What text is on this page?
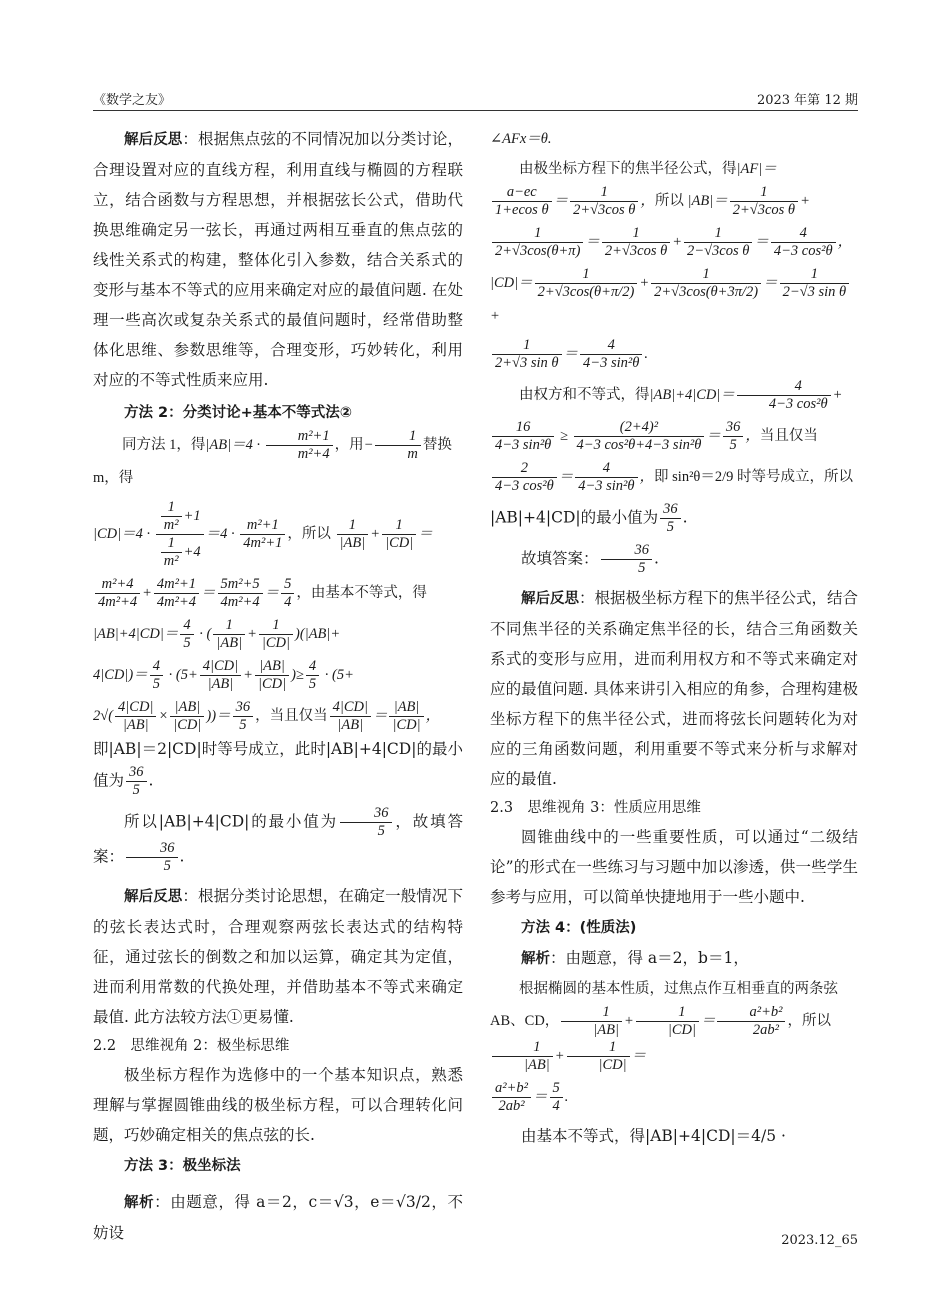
《数学之友》	2023 年第 12 期

解后反思：根据焦点弦的不同情况加以分类讨论，合理设置对应的直线方程，利用直线与椭圆的方程联立，结合函数与方程思想，并根据弦长公式，借助代换思维确定另一弦长，再通过两相互垂直的焦点弦的线性关系式的构建，整体化引入参数，结合关系式的变形与基本不等式的应用来确定对应的最值问题. 在处理一些高次或复杂关系式的最值问题时，经常借助整体化思维、参数思维等，合理变形，巧妙转化，利用对应的不等式性质来应用.

方法 2：分类讨论+基本不等式法②

同方法 1，得$|AB|=4 \cdot \frac{\text{m²+1}}{\text{m²+4}}$ ，用− $\frac{1}{m}$ 替换 m，得

$|CD|=4 \cdot \frac{\frac{1}{\text{m²}} +1}{\frac{1}{\text{m²}} +4} =4 \cdot \frac{\text{m²+1}}{\text{4m²+1}}$ ，所以 $\frac{1}{|AB|} + \frac{1}{|CD|}$ ＝

$\frac{\text{m²+4}}{\text{4m²+4}} + \frac{\text{4m²+1}}{\text{4m²+4}} = \frac{\text{5m²+5}}{\text{4m²+4}} = \frac{5}{4}$ ，由基本不等式，得

$|AB|+4|CD|= \frac{4}{5}$ · ( $\frac{1}{|AB|} + \frac{1}{|CD|} )(|AB|+$

$4|CD|)= \frac{4}{5} \cdot (5+ \frac{4|CD|}{|AB|} + \frac{|AB|}{|CD|}$ )≥ $\frac{4}{5} \cdot (5+$

$2√( \frac{4|CD|}{|AB|} \times \frac{|AB|}{|CD|}$ ))＝ $\frac{36}{5}$ ，当且仅当 $\frac{4|CD|}{|AB|} = \frac{|AB|}{|CD|}$ ，

即|AB|＝2|CD|时等号成立，此时|AB|+4|CD|的最小值为 $\frac{36}{5}$ .

所以|AB|+4|CD|的最小值为 $\frac{36}{5}$ ，故填答案： $\frac{36}{5}$ .

解后反思：根据分类讨论思想，在确定一般情况下的弦长表达式时，合理观察两弦长表达式的结构特征，通过弦长的倒数之和加以运算，确定其为定值，进而利用常数的代换处理，并借助基本不等式来确定最值. 此方法较方法①更易懂.

2.2　思维视角 2：极坐标思维

极坐标方程作为选修中的一个基本知识点，熟悉理解与掌握圆锥曲线的极坐标方程，可以合理转化问题，巧妙确定相关的焦点弦的长.

方法 3：极坐标法

解析：由题意，得 a＝2，c＝√3，e＝√3/2，不妨设

∠AFx＝θ.

由极坐标方程下的焦半径公式，得|AF|＝

$\frac{a-ec}{\text{1+ecos θ}} = \frac{1}{\text{2+√3cos θ}}$ ，所以 $|AB|= \frac{1}{\text{2+√3cos θ}}$ +

$\frac{1}{2+√3\cos(\theta+\pi)} = \frac{1}{\text{2+√3cos θ}} + \frac{1}{\text{2−√3cos θ}} = \frac{4}{\text{4−3 cos²θ}}$ ，

$|CD|= \frac{1}{2+√3\cos(\theta+\pi/2)} + \frac{1}{2+√3\cos(\theta+3\pi/2)} = \frac{1}{\text{2−√3 sin θ}}$
+

$\frac{1}{\text{2+√3 sin θ}} = \frac{4}{\text{4−3 sin²θ}}$ .

由权方和不等式，得$|AB|+4|CD|= \frac{4}{\text{4−3 cos²θ}}$ +

$\frac{16}{\text{4−3 sin²θ}} \ge \frac{\text{(2+4)²}}{\text{4−3 cos²θ+4−3 sin²θ}} = \frac{36}{5}$ ，当且仅当

$\frac{2}{\text{4−3 cos²θ}} = \frac{4}{\text{4−3 sin²θ}}$ ，即 sin²θ＝2/9 时等号成立，所以

|AB|+4|CD|的最小值为 $\frac{36}{5}$ .

故填答案： $\frac{36}{5}$ .

解后反思：根据极坐标方程下的焦半径公式，结合不同焦半径的关系确定焦半径的长，结合三角函数关系式的变形与应用，进而利用权方和不等式来确定对应的最值问题. 具体来讲引入相应的角参，合理构建极坐标方程下的焦半径公式，进而将弦长问题转化为对应的三角函数问题，利用重要不等式来分析与求解对应的最值.

2.3　思维视角 3：性质应用思维

圆锥曲线中的一些重要性质，可以通过“二级结论”的形式在一些练习与习题中加以渗透，供一些学生参考与应用，可以简单快捷地用于一些小题中.

方法 4：(性质法)

解析：由题意，得 a＝2，b＝1，

根据椭圆的基本性质，过焦点作互相垂直的两条弦 AB、CD， $\frac{1}{|AB|} + \frac{1}{|CD|} = \frac{\text{a²+b²}}{\text{2ab²}}$ ，所以
$\frac{1}{|AB|} + \frac{1}{|CD|}$ ＝

$\frac{\text{a²+b²}}{\text{2ab²}} = \frac{5}{4}$ .

由基本不等式，得|AB|+4|CD|＝4/5 ·

2023.12_65
